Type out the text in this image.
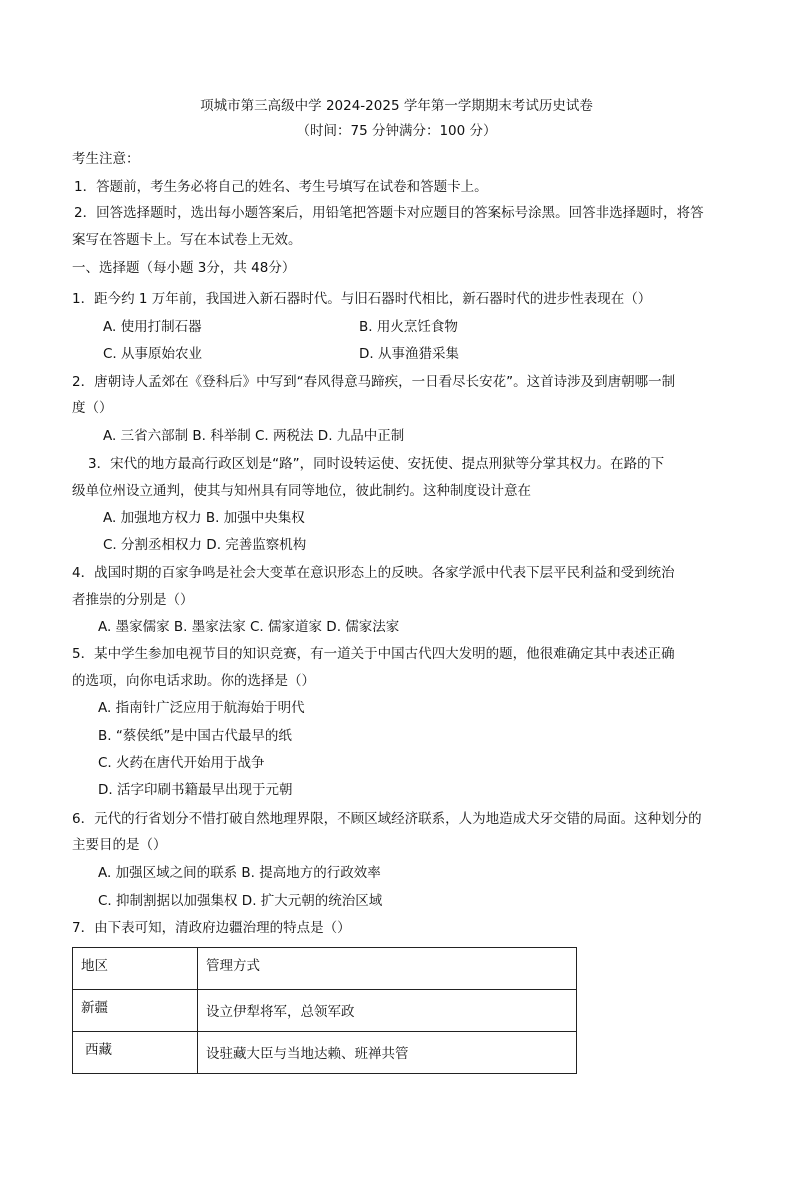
项城市第三高级中学 2024-2025 学年第一学期期末考试历史试卷
（时间：75 分钟满分：100 分）
考生注意：
1．答题前，考生务必将自己的姓名、考生号填写在试卷和答题卡上。
2．回答选择题时，选出每小题答案后，用铅笔把答题卡对应题目的答案标号涂黑。回答非选择题时，将答
案写在答题卡上。写在本试卷上无效。
一、选择题（每小题 3分，共 48分）
1．距今约 1 万年前，我国进入新石器时代。与旧石器时代相比，新石器时代的进步性表现在（）
A. 使用打制石器	B. 用火烹饪食物
C. 从事原始农业	D. 从事渔猎采集
2．唐朝诗人孟郊在《登科后》中写到“春风得意马蹄疾，一日看尽长安花”。这首诗涉及到唐朝哪一制
度（）
A. 三省六部制 B. 科举制 C. 两税法 D. 九品中正制
3．宋代的地方最高行政区划是“路”，同时设转运使、安抚使、提点刑狱等分掌其权力。在路的下
级单位州设立通判，使其与知州具有同等地位，彼此制约。这种制度设计意在
A. 加强地方权力 B. 加强中央集权
C. 分割丞相权力 D. 完善监察机构
4．战国时期的百家争鸣是社会大变革在意识形态上的反映。各家学派中代表下层平民利益和受到统治
者推崇的分别是（）
A. 墨家儒家 B. 墨家法家 C. 儒家道家 D. 儒家法家
5．某中学生参加电视节目的知识竞赛，有一道关于中国古代四大发明的题，他很难确定其中表述正确
的选项，向你电话求助。你的选择是（）
A. 指南针广泛应用于航海始于明代
B. “蔡侯纸”是中国古代最早的纸
C. 火药在唐代开始用于战争
D. 活字印刷书籍最早出现于元朝
6．元代的行省划分不惜打破自然地理界限，不顾区域经济联系，人为地造成犬牙交错的局面。这种划分的
主要目的是（）
A. 加强区域之间的联系 B. 提高地方的行政效率
C. 抑制割据以加强集权 D. 扩大元朝的统治区域
7．由下表可知，清政府边疆治理的特点是（）
地区	管理方式
新疆	设立伊犁将军，总领军政
西藏	设驻藏大臣与当地达赖、班禅共管
